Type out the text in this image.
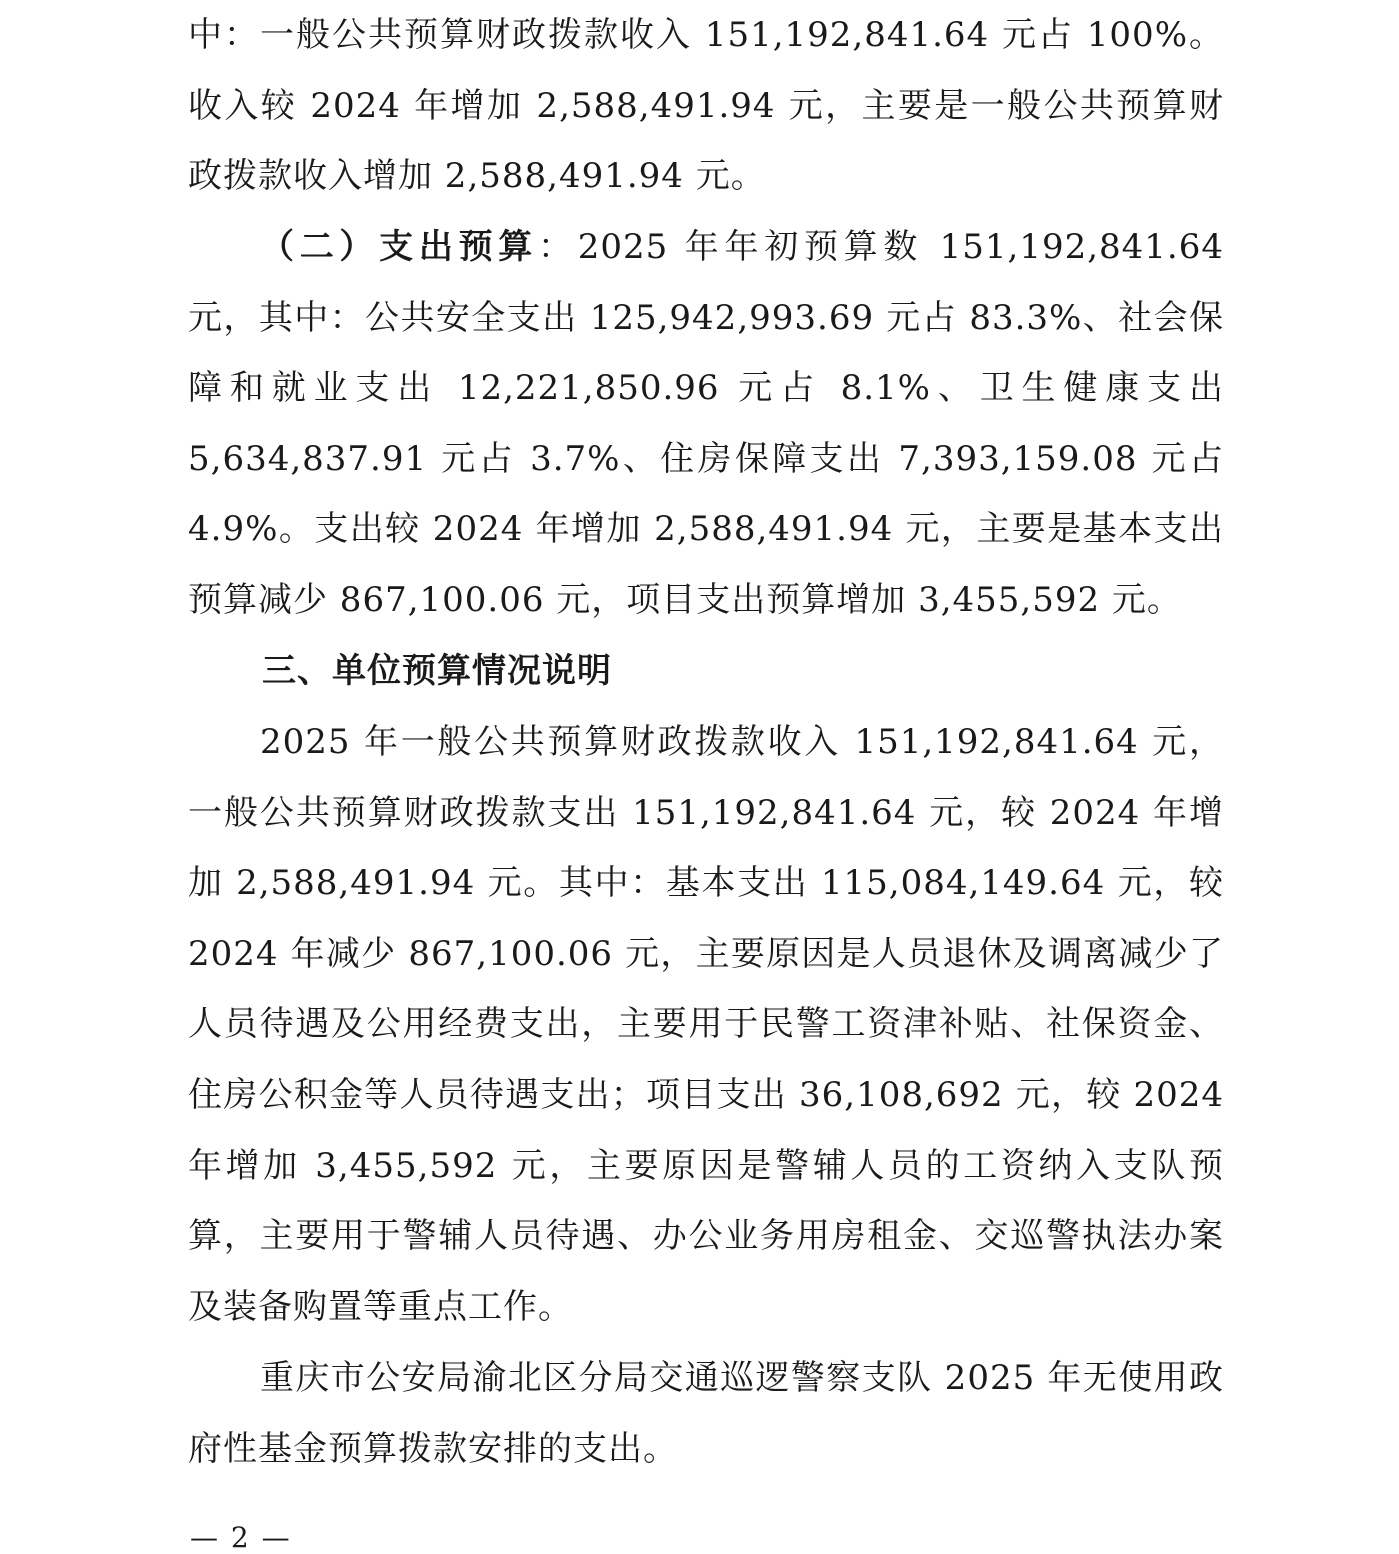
中：一般公共预算财政拨款收入 151,192,841.64 元占 100%。收入较 2024 年增加 2,588,491.94 元，主要是一般公共预算财政拨款收入增加 2,588,491.94 元。

（二）支出预算：2025 年年初预算数 151,192,841.64 元，其中：公共安全支出 125,942,993.69 元占 83.3%、社会保障和就业支出 12,221,850.96 元占 8.1%、卫生健康支出 5,634,837.91 元占 3.7%、住房保障支出 7,393,159.08 元占 4.9%。支出较 2024 年增加 2,588,491.94 元，主要是基本支出预算减少 867,100.06 元，项目支出预算增加 3,455,592 元。

三、单位预算情况说明

2025 年一般公共预算财政拨款收入 151,192,841.64 元，一般公共预算财政拨款支出 151,192,841.64 元，较 2024 年增加 2,588,491.94 元。其中：基本支出 115,084,149.64 元，较 2024 年减少 867,100.06 元，主要原因是人员退休及调离减少了人员待遇及公用经费支出，主要用于民警工资津补贴、社保资金、住房公积金等人员待遇支出；项目支出 36,108,692 元，较 2024 年增加 3,455,592 元，主要原因是警辅人员的工资纳入支队预算，主要用于警辅人员待遇、办公业务用房租金、交巡警执法办案及装备购置等重点工作。

重庆市公安局渝北区分局交通巡逻警察支队 2025 年无使用政府性基金预算拨款安排的支出。

— 2 —
